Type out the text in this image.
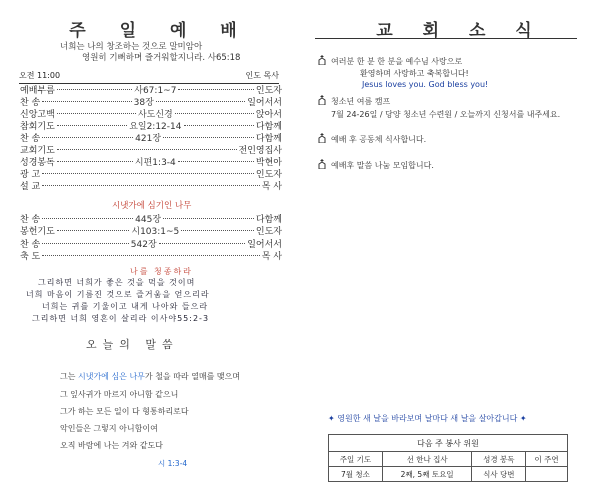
주 일 예 배
너희는 나의 창조하는 것으로 말미암아
영원히 기뻐하며 즐거워할지니라. 사65:18
오전 11:00	인도 목사
예배부름	사67:1~7	인도자
찬 송	38장	일어서서
신앙고백	사도신경	앉아서
참회기도	요일2:12-14	다함께
찬 송	421장	다함께
교회기도	전인영집사
성경봉독	시편1:3-4	박현아
광 고	인도자
설 교	목 사
시냇가에 심기인 나무
찬 송	445장	다함께
봉헌기도	시103:1~5	인도자
찬 송	542장	일어서서
축 도	목 사
나를 청종하라
그리하면 너희가 좋은 것을 먹을 것이며
너희 마음이 기름진 것으로 즐거움을 얻으리라
너희는 귀를 기울이고 내게 나아와 들으라
그리하면 너희 영혼이 살리라 이사야55:2-3
오늘의 말씀
그는 시냇가에 심은 나무가 철을 따라 열매를 맺으며
그 잎사귀가 마르지 아니함 같으니
그가 하는 모든 일이 다 형통하리로다
악인들은 그렇지 아니함이여
오직 바람에 나는 겨와 같도다
시 1:3-4
교 회 소 식
여러분 한 분 한 분을 예수님 사랑으로
환영하며 사랑하고 축복합니다!
Jesus loves you. God bless you!
청소년 여름 캠프
7월 24-26일 / 당양 청소년 수련원 / 오늘까지 신청서를 내주세요.
예배 후 공동체 식사합니다.
예배후 말씀 나눔 모임합니다.
✦ 영원한 새 날을 바라보며 날마다 새 날을 살아갑니다 ✦
다음 주 봉사 위원			
주일 기도	선 한나 집사	성경 봉독	이 주연
7월 청소	2째, 5째 토요일	식사 당번	
